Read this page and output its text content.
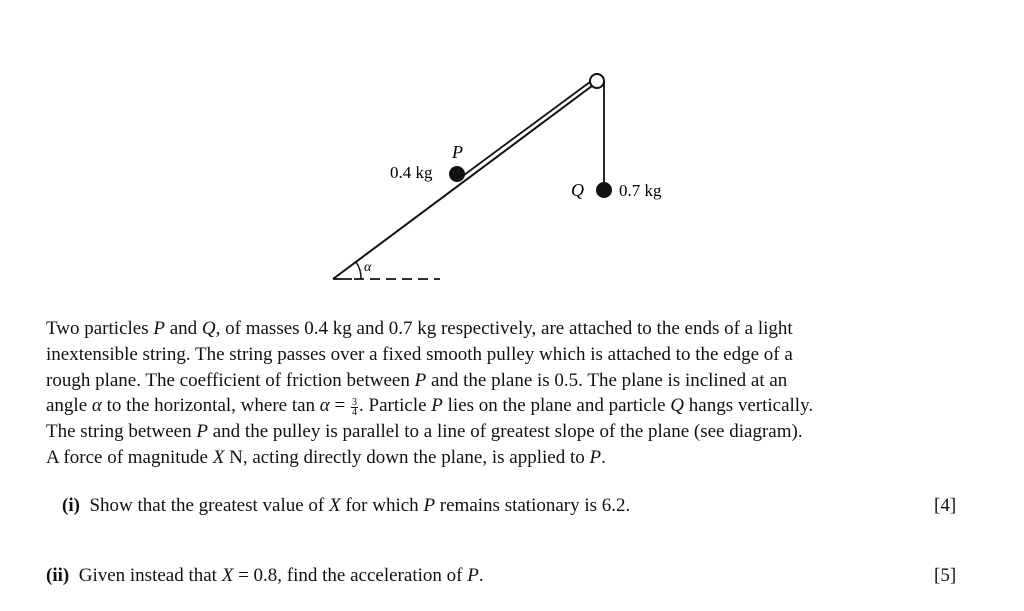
0.4 kg
P
Q 0.7 kg
α
Two particles P and Q, of masses 0.4 kg and 0.7 kg respectively, are attached to the ends of a light
inextensible string. The string passes over a fixed smooth pulley which is attached to the edge of a
rough plane. The coefficient of friction between P and the plane is 0.5. The plane is inclined at an
angle α to the horizontal, where $\tan \alpha = \frac{3}{4}$ . Particle P lies on the plane and particle Q hangs vertically.
The string between P and the pulley is parallel to a line of greatest slope of the plane (see diagram).
A force of magnitude X N, acting directly down the plane, is applied to P.
(i) Show that the greatest value of X for which P remains stationary is 6.2.	[4]
(ii) Given instead that X = 0.8, find the acceleration of P.	[5]
